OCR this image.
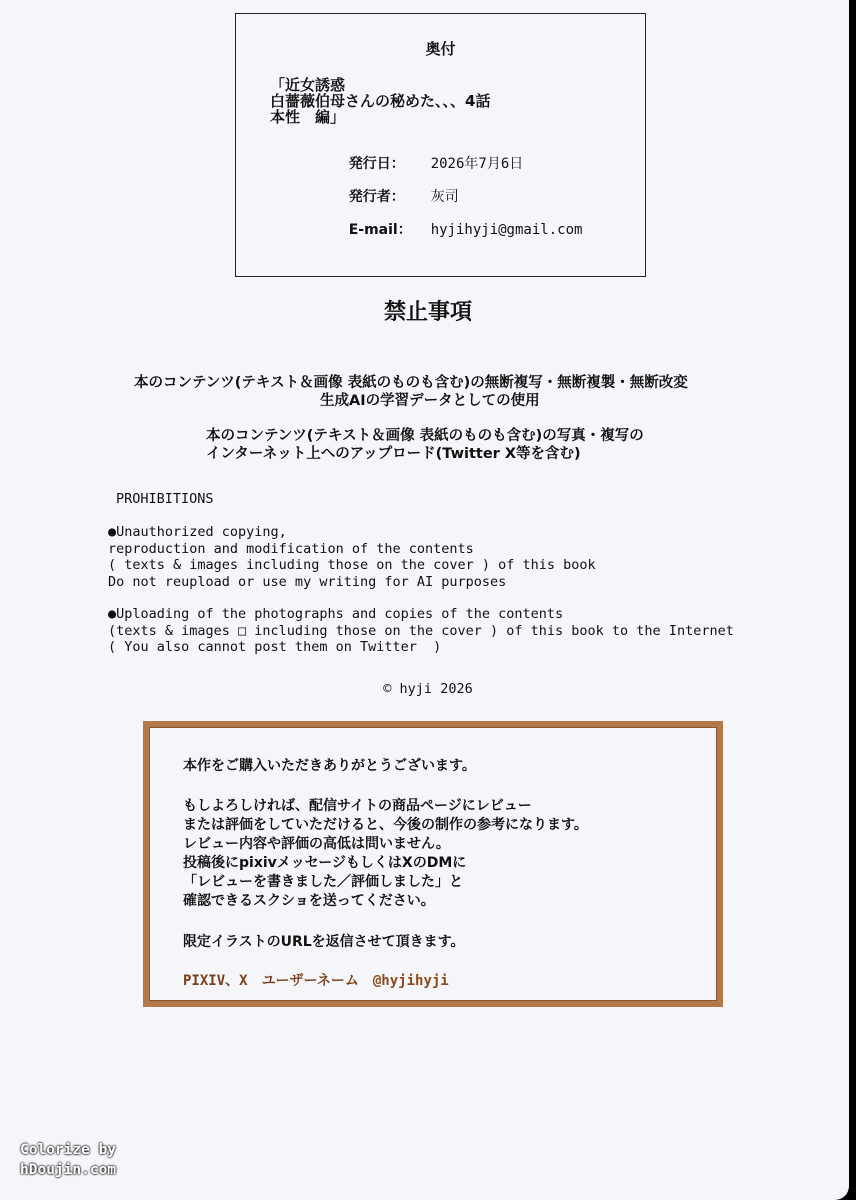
奥付
「近女誘惑
白薔薇伯母さんの秘めた、、、4話
本性　編」

発行日： 2026年7月6日

発行者： 灰司

E-mail： hyjihyji@gmail.com

禁止事項
本のコンテンツ(テキスト＆画像 表紙のものも含む)の無断複写・無断複製・無断改変
生成AIの学習データとしての使用
本のコンテンツ(テキスト＆画像 表紙のものも含む)の写真・複写の
インターネット上へのアップロード(Twitter X等を含む)
PROHIBITIONS
●Unauthorized copying,
reproduction and modification of the contents
( texts & images including those on the cover ) of this book
Do not reupload or use my writing for AI purposes
●Uploading of the photographs and copies of the contents
(texts & images □ including those on the cover ) of this book to the Internet
( You also cannot post them on Twitter  )
© hyji 2026
本作をご購入いただきありがとうございます。
もしよろしければ、配信サイトの商品ページにレビュー
または評価をしていただけると、今後の制作の参考になります。
レビュー内容や評価の高低は問いません。
投稿後にpixivメッセージもしくはXのDMに
「レビューを書きました／評価しました」と
確認できるスクショを送ってください。
限定イラストのURLを返信させて頂きます。
PIXIV、X　ユーザーネーム　@hyjihyji
Colorize by
hDoujin.com
